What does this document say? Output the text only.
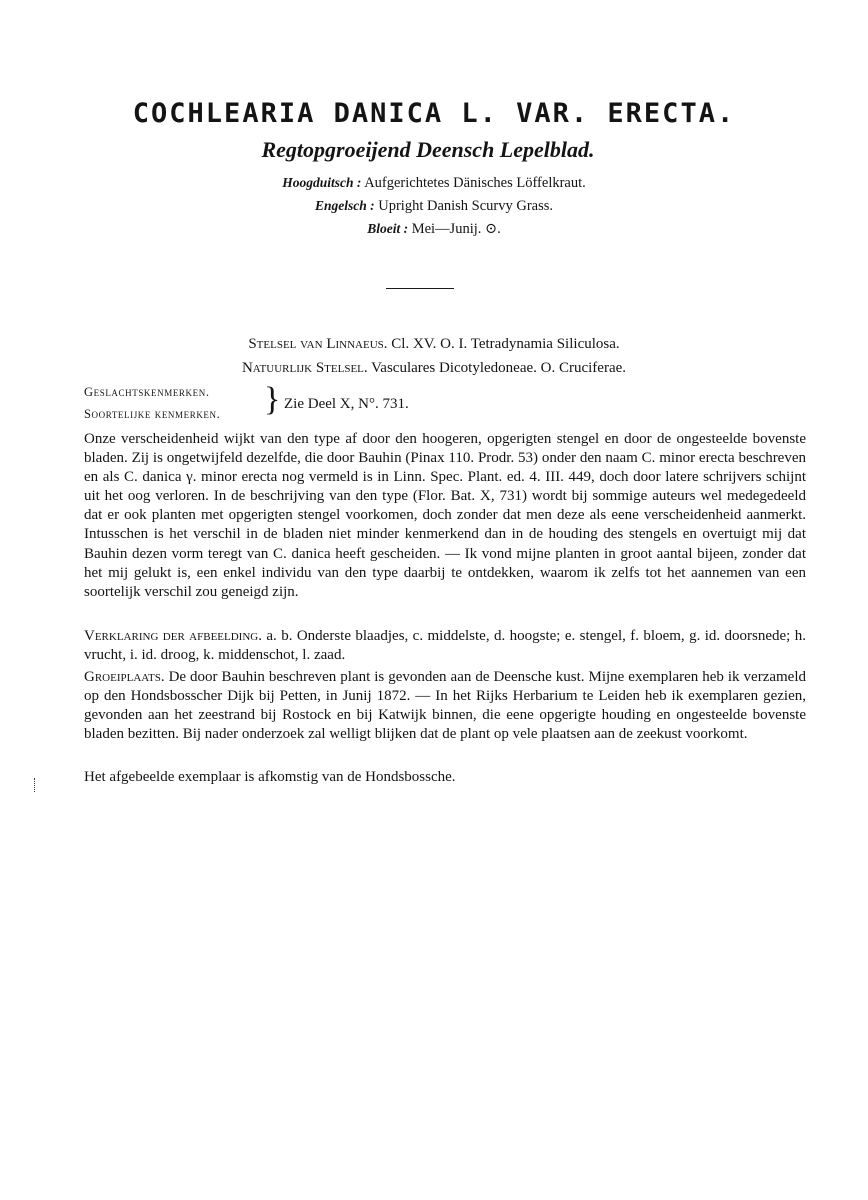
COCHLEARIA DANICA L. VAR. ERECTA.
Regtopgroeijend Deensch Lepelblad.
Hoogduitsch : Aufgerichtetes Dänisches Löffelkraut.
Engelsch : Upright Danish Scurvy Grass.
Bloeit : Mei—Junij. ⊙.
Stelsel van Linnaeus. Cl. XV. O. I. Tetradynamia Siliculosa.
Natuurlijk Stelsel. Vasculares Dicotyledoneae. O. Cruciferae.
Geslachtskenmerken.
Soortelijke kenmerken. } Zie Deel X, N°. 731.

Onze verscheidenheid wijkt van den type af door den hoogeren, opgerigten stengel en door de ongesteelde bovenste bladen. Zij is ongetwijfeld dezelfde, die door Bauhin (Pinax 110. Prodr. 53) onder den naam C. minor erecta beschreven en als C. danica γ. minor erecta nog vermeld is in Linn. Spec. Plant. ed. 4. III. 449, doch door latere schrijvers schijnt uit het oog verloren. In de beschrijving van den type (Flor. Bat. X, 731) wordt bij sommige auteurs wel medegedeeld dat er ook planten met opgerigten stengel voorkomen, doch zonder dat men deze als eene verscheidenheid aanmerkt. Intusschen is het verschil in de bladen niet minder kenmerkend dan in de houding des stengels en overtuigt mij dat Bauhin dezen vorm teregt van C. danica heeft gescheiden. — Ik vond mijne planten in groot aantal bijeen, zonder dat het mij gelukt is, een enkel individu van den type daarbij te ontdekken, waarom ik zelfs tot het aannemen van een soortelijk verschil zou geneigd zijn.

Verklaring der afbeelding. a. b. Onderste blaadjes, c. middelste, d. hoogste; e. stengel, f. bloem, g. id. doorsnede; h. vrucht, i. id. droog, k. middenschot, l. zaad.

Groeiplaats. De door Bauhin beschreven plant is gevonden aan de Deensche kust. Mijne exemplaren heb ik verzameld op den Hondsbosscher Dijk bij Petten, in Junij 1872. — In het Rijks Herbarium te Leiden heb ik exemplaren gezien, gevonden aan het zeestrand bij Rostock en bij Katwijk binnen, die eene opgerigte houding en ongesteelde bovenste bladen bezitten. Bij nader onderzoek zal welligt blijken dat de plant op vele plaatsen aan de zeekust voorkomt.

Het afgebeelde exemplaar is afkomstig van de Hondsbossche.
